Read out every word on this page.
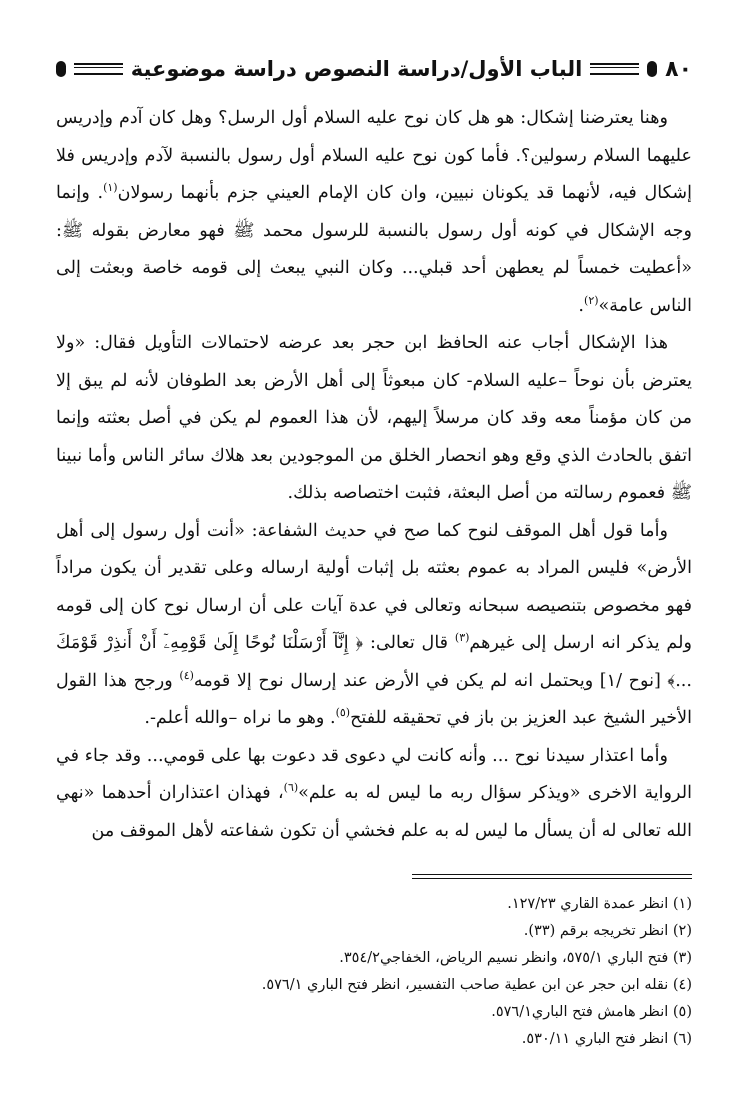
٨٠
الباب الأول/دراسة النصوص دراسة موضوعية

وهنا يعترضنا إشكال: هو هل كان نوح عليه السلام أول الرسل؟ وهل كان آدم وإدريس عليهما السلام رسولين؟. فأما كون نوح عليه السلام أول رسول بالنسبة لآدم وإدريس فلا إشكال فيه، لأنهما قد يكونان نبيين، وان كان الإمام العيني جزم بأنهما رسولان$^{(١)}$. وإنما وجه الإشكال في كونه أول رسول بالنسبة للرسول محمد ﷺ فهو معارض بقوله ﷺ: «أعطيت خمساً لم يعطهن أحد قبلي... وكان النبي يبعث إلى قومه خاصة وبعثت إلى الناس عامة»$^{(٢)}$.

هذا الإشكال أجاب عنه الحافظ ابن حجر بعد عرضه لاحتمالات التأويل فقال: «ولا يعترض بأن نوحاً –عليه السلام- كان مبعوثاً إلى أهل الأرض بعد الطوفان لأنه لم يبق إلا من كان مؤمناً معه وقد كان مرسلاً إليهم، لأن هذا العموم لم يكن في أصل بعثته وإنما اتفق بالحادث الذي وقع وهو انحصار الخلق من الموجودين بعد هلاك سائر الناس وأما نبينا ﷺ فعموم رسالته من أصل البعثة، فثبت اختصاصه بذلك.

وأما قول أهل الموقف لنوح كما صح في حديث الشفاعة: «أنت أول رسول إلى أهل الأرض» فليس المراد به عموم بعثته بل إثبات أولية ارساله وعلى تقدير أن يكون مراداً فهو مخصوص بتنصيصه سبحانه وتعالى في عدة آيات على أن ارسال نوح كان إلى قومه ولم يذكر انه ارسل إلى غيرهم$^{(٣)}$ قال تعالى: ﴿ إِنَّآ أَرْسَلْنَا نُوحًا إِلَىٰ قَوْمِهِۦٓ أَنْ أَنذِرْ قَوْمَكَ ...﴾ [نوح /١] ويحتمل انه لم يكن في الأرض عند إرسال نوح إلا قومه$^{(٤)}$ ورجح هذا القول الأخير الشيخ عبد العزيز بن باز في تحقيقه للفتح$^{(٥)}$. وهو ما نراه –والله أعلم-.

وأما اعتذار سيدنا نوح ... وأنه كانت لي دعوى قد دعوت بها على قومي... وقد جاء في الرواية الاخرى «ويذكر سؤال ربه ما ليس له به علم»$^{(٦)}$، فهذان اعتذاران أحدهما «نهي الله تعالى له أن يسأل ما ليس له به علم فخشي أن تكون شفاعته لأهل الموقف من

(١) انظر عمدة القاري ١٢٧/٢٣.
(٢) انظر تخريجه برقم (٣٣).
(٣) فتح الباري ٥٧٥/١، وانظر نسيم الرياض، الخفاجي٣٥٤/٢.
(٤) نقله ابن حجر عن ابن عطية صاحب التفسير، انظر فتح الباري ٥٧٦/١.
(٥) انظر هامش فتح الباري٥٧٦/١.
(٦) انظر فتح الباري ٥٣٠/١١.
